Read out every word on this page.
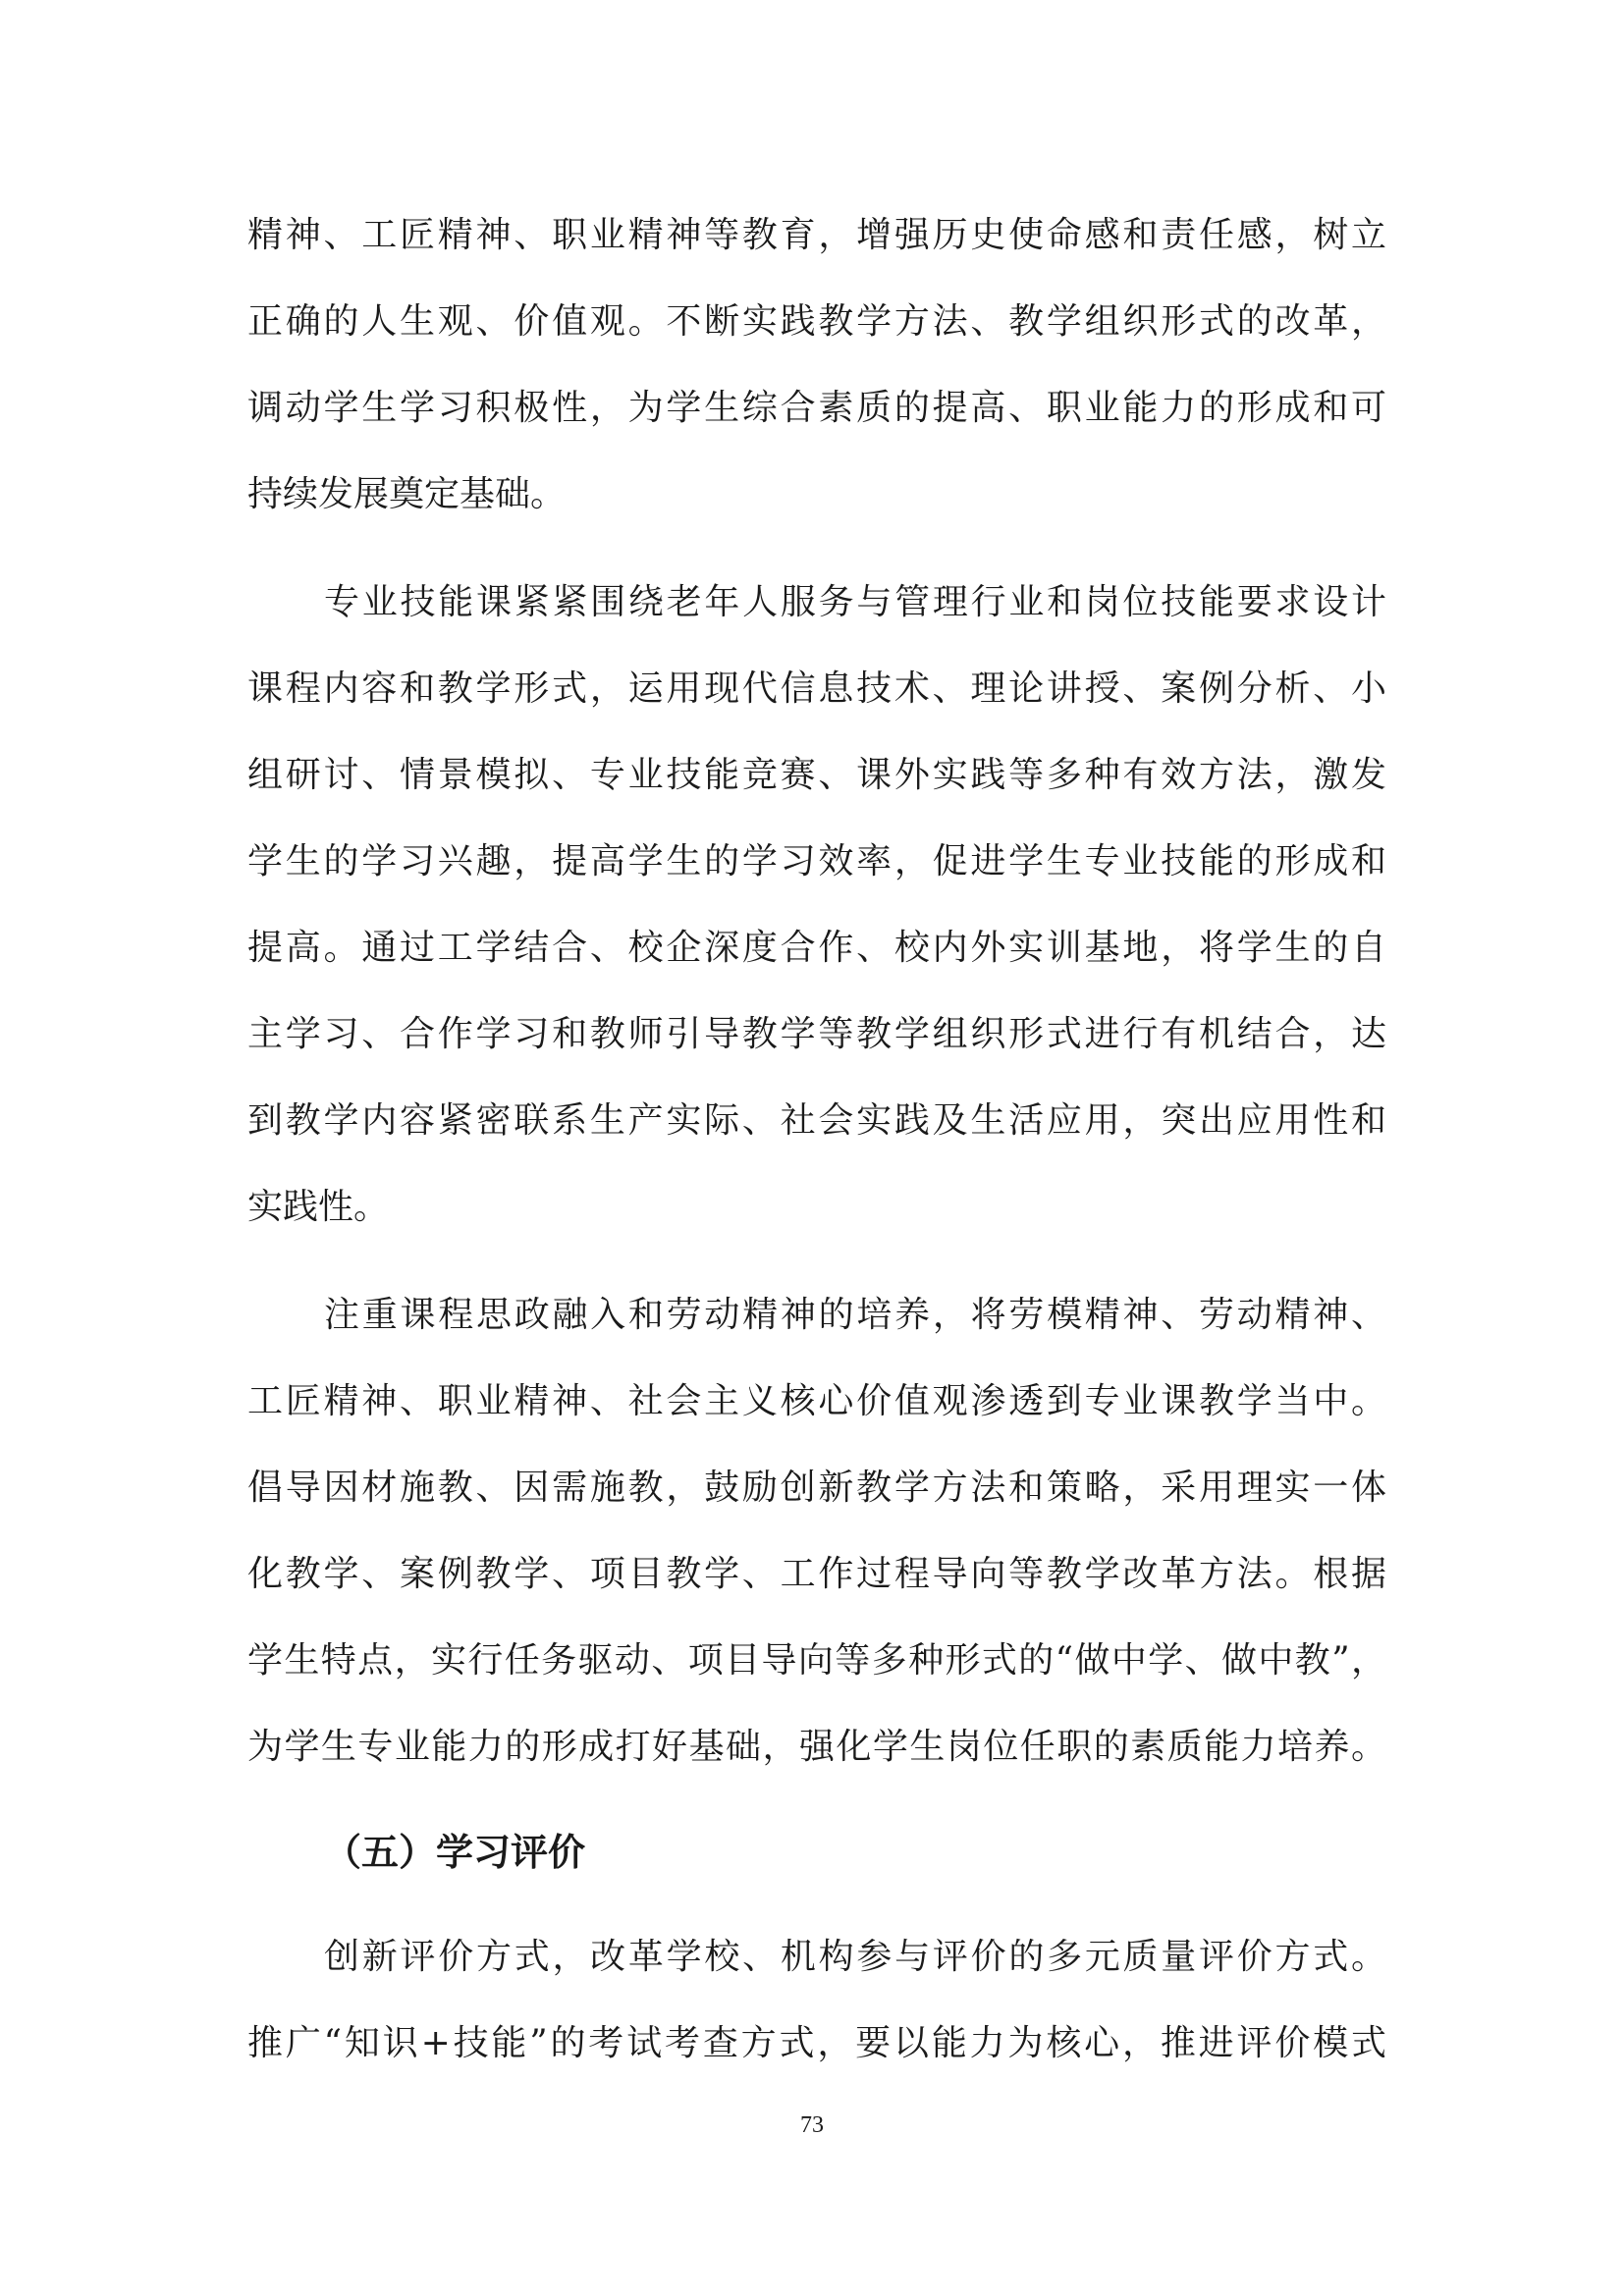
精神、工匠精神、职业精神等教育，增强历史使命感和责任感，树立
正确的人生观、价值观。不断实践教学方法、教学组织形式的改革，
调动学生学习积极性，为学生综合素质的提高、职业能力的形成和可
持续发展奠定基础。
专业技能课紧紧围绕老年人服务与管理行业和岗位技能要求设计
课程内容和教学形式，运用现代信息技术、理论讲授、案例分析、小
组研讨、情景模拟、专业技能竞赛、课外实践等多种有效方法，激发
学生的学习兴趣，提高学生的学习效率，促进学生专业技能的形成和
提高。通过工学结合、校企深度合作、校内外实训基地，将学生的自
主学习、合作学习和教师引导教学等教学组织形式进行有机结合，达
到教学内容紧密联系生产实际、社会实践及生活应用，突出应用性和
实践性。
注重课程思政融入和劳动精神的培养，将劳模精神、劳动精神、
工匠精神、职业精神、社会主义核心价值观渗透到专业课教学当中。
倡导因材施教、因需施教，鼓励创新教学方法和策略，采用理实一体
化教学、案例教学、项目教学、工作过程导向等教学改革方法。根据
学生特点，实行任务驱动、项目导向等多种形式的“做中学、做中教”，
为学生专业能力的形成打好基础，强化学生岗位任职的素质能力培养。
（五）学习评价
创新评价方式，改革学校、机构参与评价的多元质量评价方式。
推广“知识+技能”的考试考查方式，要以能力为核心，推进评价模式
73
